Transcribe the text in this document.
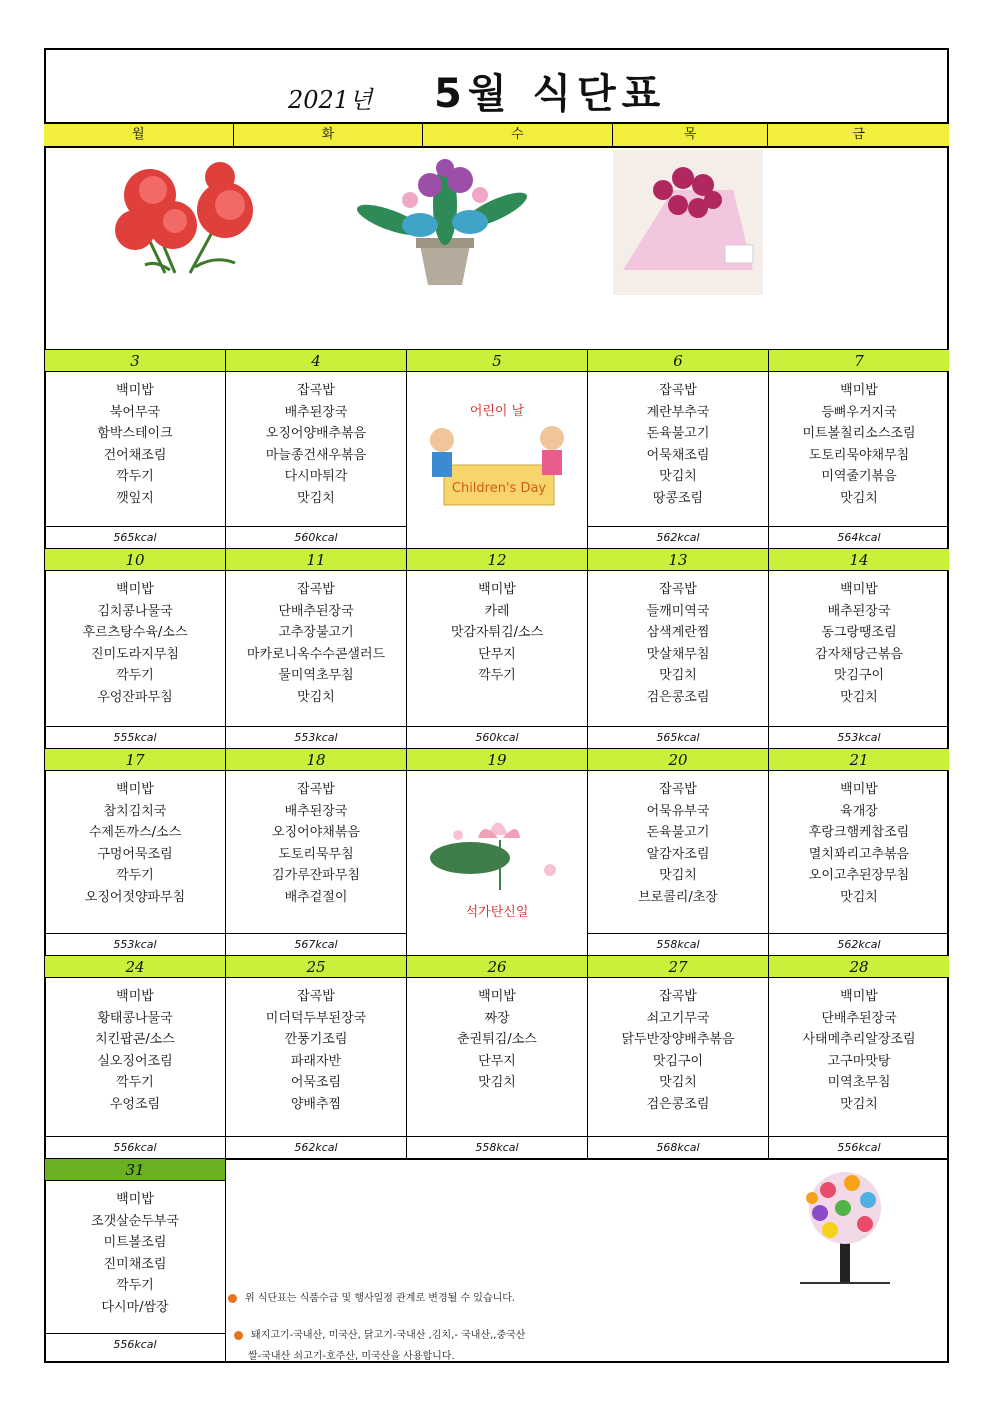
2021년 5월 식단표
월	화	수	목	금
3
백미밥
북어무국
함박스테이크
건어채조림
깍두기
깻잎지
565kcal
4
잡곡밥
배추된장국
오징어양배추볶음
마늘종건새우볶음
다시마튀각
맛김치
560kcal
5
어린이 날
6
잡곡밥
계란부추국
돈육불고기
어묵채조림
맛김치
땅콩조림
562kcal
7
백미밥
등뼈우거지국
미트볼칠리소스조림
도토리묵야채무침
미역줄기볶음
맛김치
564kcal
10
백미밥
김치콩나물국
후르츠탕수육/소스
진미도라지무침
깍두기
우엉잔파무침
555kcal
11
잡곡밥
단배추된장국
고추장불고기
마카로니옥수수콘샐러드
물미역초무침
맛김치
553kcal
12
백미밥
카레
맛감자튀김/소스
단무지
깍두기
560kcal
13
잡곡밥
들깨미역국
삼색계란찜
맛살채무침
맛김치
검은콩조림
565kcal
14
백미밥
배추된장국
동그랑땡조림
감자채당근볶음
맛김구이
맛김치
553kcal
17
백미밥
참치김치국
수제돈까스/소스
구멍어묵조림
깍두기
오징어젓양파무침
553kcal
18
잡곡밥
배추된장국
오징어야채볶음
도토리묵무침
김가루잔파무침
배추겉절이
567kcal
19
석가탄신일
20
잡곡밥
어묵유부국
돈육불고기
알감자조림
맛김치
브로콜리/초장
558kcal
21
백미밥
육개장
후랑크햄케찹조림
멸치꽈리고추볶음
오이고추된장무침
맛김치
562kcal
24
백미밥
황태콩나물국
치킨팝콘/소스
실오징어조림
깍두기
우엉조림
556kcal
25
잡곡밥
미더덕두부된장국
깐풍기조림
파래자반
어묵조림
양배추찜
562kcal
26
백미밥
짜장
춘권튀김/소스
단무지
맛김치
558kcal
27
잡곡밥
쇠고기무국
닭두반장양배추볶음
맛김구이
맛김치
검은콩조림
568kcal
28
백미밥
단배추된장국
사태메추리알장조림
고구마맛탕
미역초무침
맛김치
556kcal
31
백미밥
조갯살순두부국
미트볼조림
진미채조림
깍두기
다시마/쌈장
556kcal
Children's Day
위 식단표는 식품수급 및 행사일정 관계로 변경될 수 있습니다.
돼지고기-국내산, 미국산, 닭고기-국내산 ,김치,- 국내산,,중국산
쌀-국내산 쇠고기-호주산, 미국산을 사용합니다.
